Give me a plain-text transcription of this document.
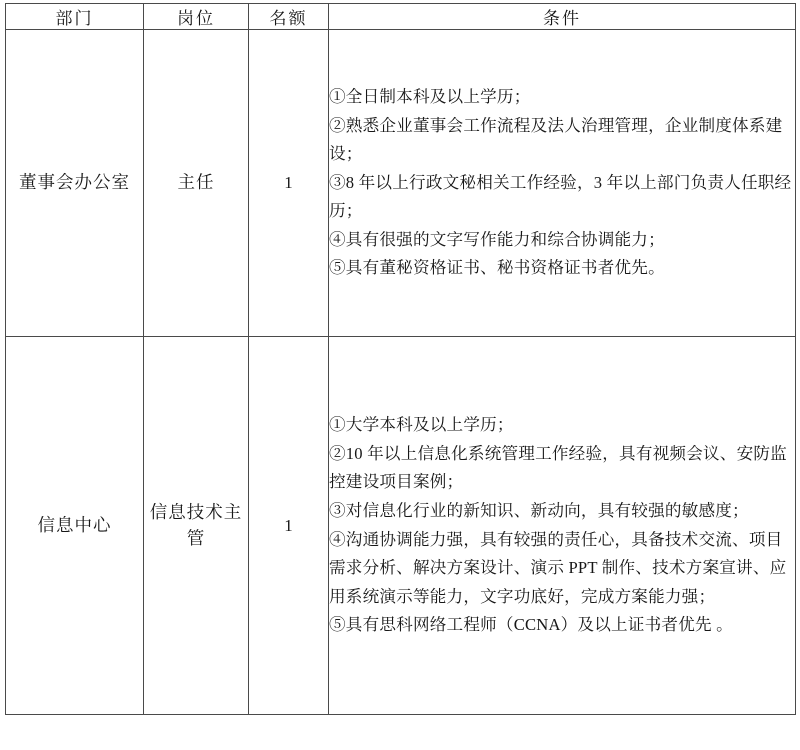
部门	岗位	名额	条件
董事会办公室	主任	1	①全日制本科及以上学历；
②熟悉企业董事会工作流程及法人治理管理，企业制度体系建设；
③8 年以上行政文秘相关工作经验，3 年以上部门负责人任职经历；
④具有很强的文字写作能力和综合协调能力；
⑤具有董秘资格证书、秘书资格证书者优先。

信息中心	信息技术主管	1	①大学本科及以上学历；
②10 年以上信息化系统管理工作经验，具有视频会议、安防监控建设项目案例；
③对信息化行业的新知识、新动向，具有较强的敏感度；
④沟通协调能力强，具有较强的责任心，具备技术交流、项目需求分析、解决方案设计、演示 PPT 制作、技术方案宣讲、应用系统演示等能力，文字功底好，完成方案能力强；
⑤具有思科网络工程师（CCNA）及以上证书者优先 。
